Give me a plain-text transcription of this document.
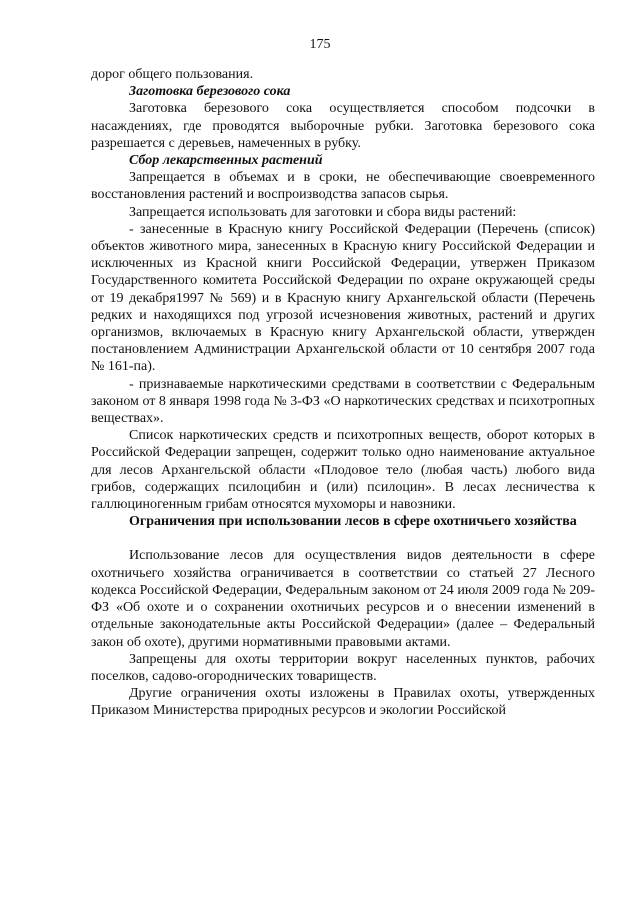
175

дорог общего пользования.

Заготовка березового сока

Заготовка березового сока осуществляется способом подсочки в насаждениях, где проводятся выборочные рубки. Заготовка березового сока разрешается с деревьев, намеченных в рубку.

Сбор лекарственных растений

Запрещается в объемах и в сроки, не обеспечивающие своевременного восстановления растений и воспроизводства запасов сырья.

Запрещается использовать для заготовки и сбора виды растений:

- занесенные в Красную книгу Российской Федерации (Перечень (список) объектов животного мира, занесенных в Красную книгу Российской Федерации и исключенных из Красной книги Российской Федерации, утвержен Приказом Государственного комитета Российской Федерации по охране окружающей среды от 19 декабря1997 № 569) и в Красную книгу Архангельской области (Перечень редких и находящихся под угрозой исчезновения животных, растений и других организмов, включаемых в Красную книгу Архангельской области, утвержден постановлением Администрации Архангельской области от 10 сентября 2007 года № 161-па).

- признаваемые наркотическими средствами в соответствии с Федеральным законом от 8 января 1998 года № 3-ФЗ «О наркотических средствах и психотропных веществах».

Список наркотических средств и психотропных веществ, оборот которых в Российской Федерации запрещен, содержит только одно наименование актуальное для лесов Архангельской области «Плодовое тело (любая часть) любого вида грибов, содержащих псилоцибин и (или) псилоцин». В лесах лесничества к галлюциногенным грибам относятся мухоморы и навозники.

Ограничения при использовании лесов в сфере охотничьего хозяйства

Использование лесов для осуществления видов деятельности в сфере охотничьего хозяйства ограничивается в соответствии со статьей 27 Лесного кодекса Российской Федерации, Федеральным законом от 24 июля 2009 года № 209-ФЗ «Об охоте и о сохранении охотничьих ресурсов и о внесении изменений в отдельные законодательные акты Российской Федерации» (далее – Федеральный закон об охоте), другими нормативными правовыми актами.

Запрещены для охоты территории вокруг населенных пунктов, рабочих поселков, садово-огороднических товариществ.

Другие ограничения охоты изложены в Правилах охоты, утвержденных Приказом Министерства природных ресурсов и экологии Российской
